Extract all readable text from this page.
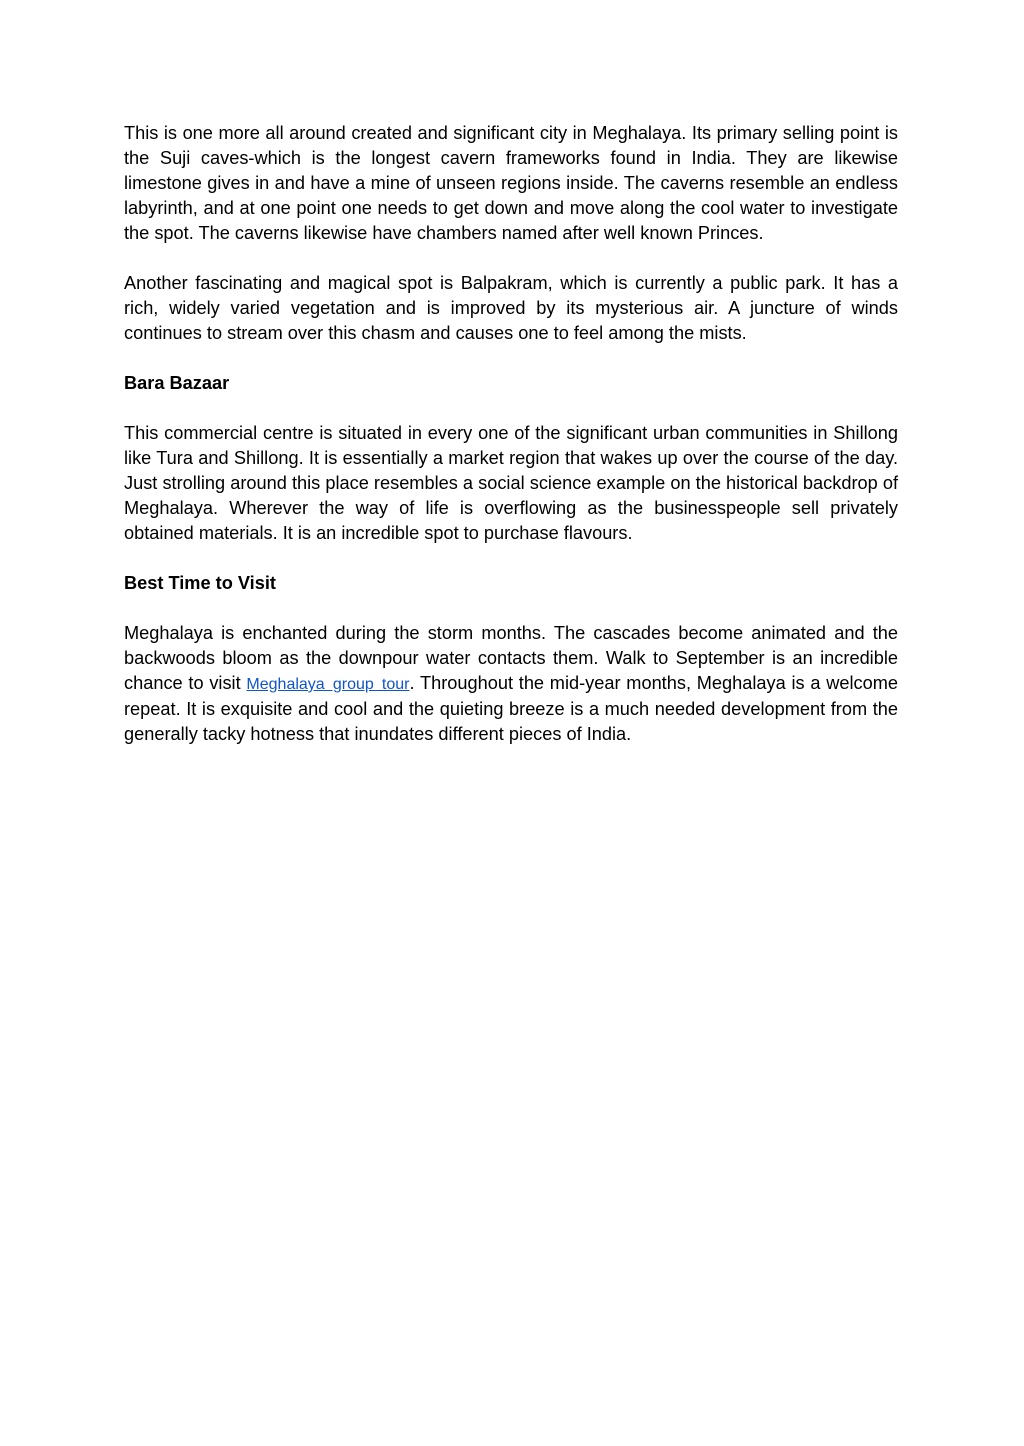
This is one more all around created and significant city in Meghalaya. Its primary selling point is the Suji caves-which is the longest cavern frameworks found in India. They are likewise limestone gives in and have a mine of unseen regions inside. The caverns resemble an endless labyrinth, and at one point one needs to get down and move along the cool water to investigate the spot. The caverns likewise have chambers named after well known Princes.

Another fascinating and magical spot is Balpakram, which is currently a public park. It has a rich, widely varied vegetation and is improved by its mysterious air. A juncture of winds continues to stream over this chasm and causes one to feel among the mists.

Bara Bazaar

This commercial centre is situated in every one of the significant urban communities in Shillong like Tura and Shillong. It is essentially a market region that wakes up over the course of the day. Just strolling around this place resembles a social science example on the historical backdrop of Meghalaya. Wherever the way of life is overflowing as the businesspeople sell privately obtained materials. It is an incredible spot to purchase flavours.

Best Time to Visit

Meghalaya is enchanted during the storm months. The cascades become animated and the backwoods bloom as the downpour water contacts them. Walk to September is an incredible chance to visit Meghalaya group tour. Throughout the mid-year months, Meghalaya is a welcome repeat. It is exquisite and cool and the quieting breeze is a much needed development from the generally tacky hotness that inundates different pieces of India.
